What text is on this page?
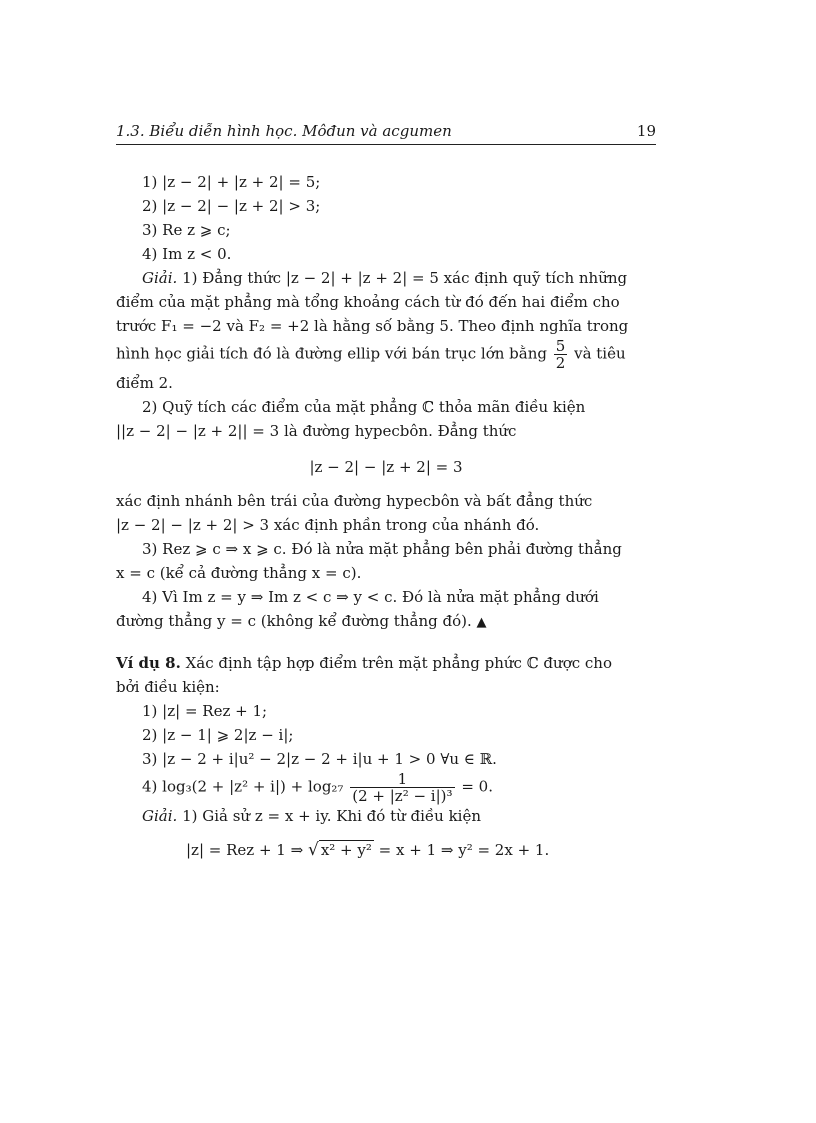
1.3. Biểu diễn hình học. Môđun và acgumen	19

1) |z − 2| + |z + 2| = 5;

2) |z − 2| − |z + 2| > 3;

3) Re z ⩾ c;

4) Im z < 0.

Giải. 1) Đẳng thức |z − 2| + |z + 2| = 5 xác định quỹ tích những

điểm của mặt phẳng mà tổng khoảng cách từ đó đến hai điểm cho

trước F₁ = −2 và F₂ = +2 là hằng số bằng 5. Theo định nghĩa trong

hình học giải tích đó là đường ellip với bán trục lớn bằng $\frac{5}{2}$ và tiêu

điểm 2.

2) Quỹ tích các điểm của mặt phẳng ℂ thỏa mãn điều kiện

||z − 2| − |z + 2|| = 3 là đường hypecbôn. Đẳng thức

|z − 2| − |z + 2| = 3

xác định nhánh bên trái của đường hypecbôn và bất đẳng thức

|z − 2| − |z + 2| > 3 xác định phần trong của nhánh đó.

3) Rez ⩾ c ⇒ x ⩾ c. Đó là nửa mặt phẳng bên phải đường thẳng

x = c (kể cả đường thẳng x = c).

4) Vì Im z = y ⇒ Im z < c ⇒ y < c. Đó là nửa mặt phẳng dưới

đường thẳng y = c (không kể đường thẳng đó). ▲

Ví dụ 8. Xác định tập hợp điểm trên mặt phẳng phức ℂ được cho

bởi điều kiện:

1) |z| = Rez + 1;

2) |z − 1| ⩾ 2|z − i|;

3) |z − 2 + i|u² − 2|z − 2 + i|u + 1 > 0 ∀u ∈ ℝ.

4) $\log_3(2 + |z^2 + i|) + \log_{27} \frac{1}{\text{(2 + |z² − i|)³}} = 0$.

Giải. 1) Giả sử z = x + iy. Khi đó từ điều kiện

|z| = Rez + 1 ⇒ √ x² + y² = x + 1 ⇒ y² = 2x + 1.
